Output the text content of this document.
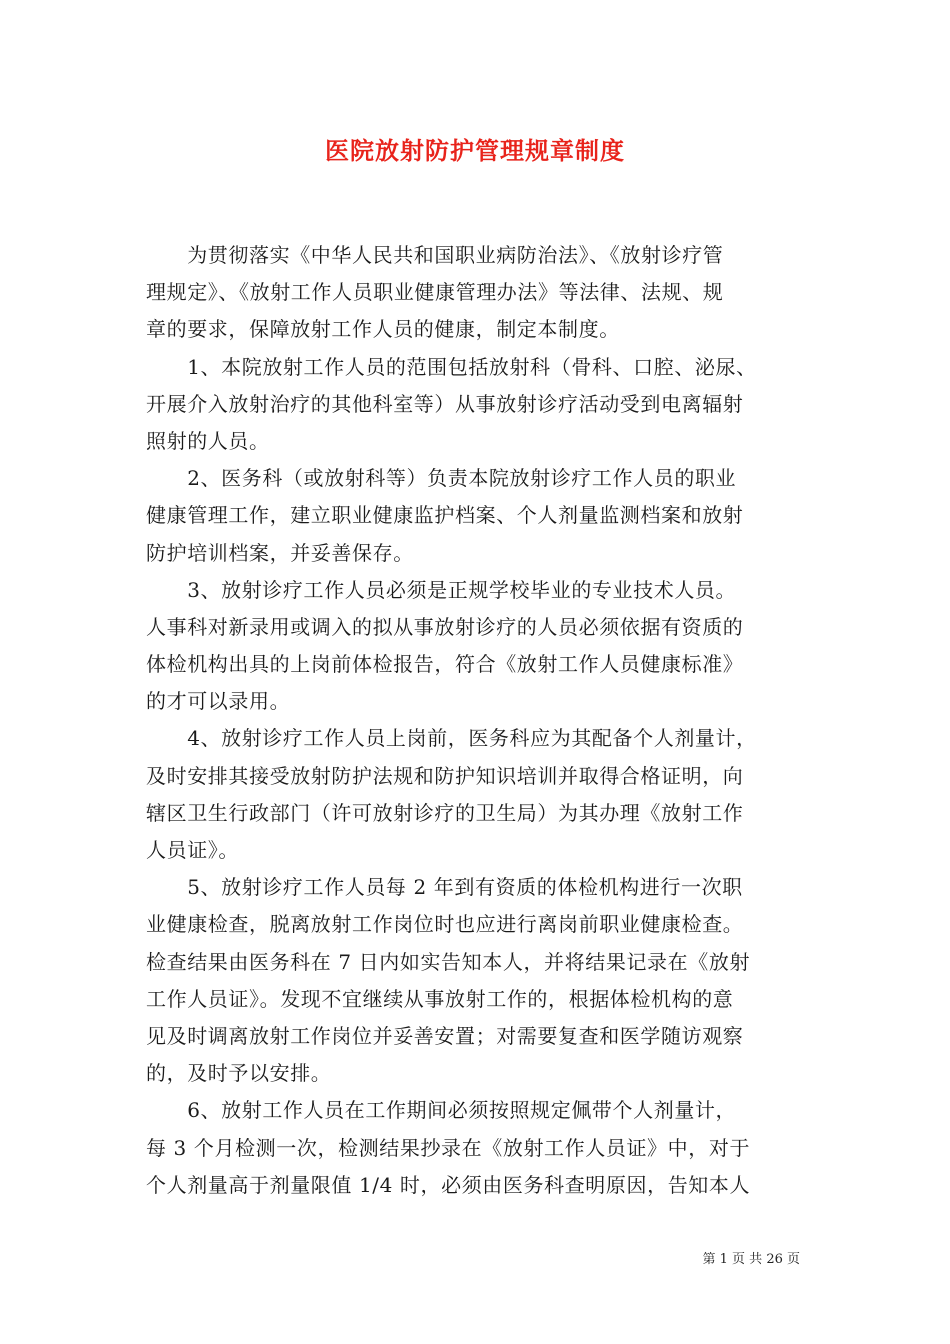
医院放射防护管理规章制度
　　为贯彻落实《中华人民共和国职业病防治法》、《放射诊疗管
理规定》、《放射工作人员职业健康管理办法》等法律、法规、规
章的要求，保障放射工作人员的健康，制定本制度。
　　1、本院放射工作人员的范围包括放射科（骨科、口腔、泌尿、
开展介入放射治疗的其他科室等）从事放射诊疗活动受到电离辐射
照射的人员。
　　2、医务科（或放射科等）负责本院放射诊疗工作人员的职业
健康管理工作，建立职业健康监护档案、个人剂量监测档案和放射
防护培训档案，并妥善保存。
　　3、放射诊疗工作人员必须是正规学校毕业的专业技术人员。
人事科对新录用或调入的拟从事放射诊疗的人员必须依据有资质的
体检机构出具的上岗前体检报告，符合《放射工作人员健康标准》
的才可以录用。
　　4、放射诊疗工作人员上岗前，医务科应为其配备个人剂量计，
及时安排其接受放射防护法规和防护知识培训并取得合格证明，向
辖区卫生行政部门（许可放射诊疗的卫生局）为其办理《放射工作
人员证》。
　　5、放射诊疗工作人员每 2 年到有资质的体检机构进行一次职
业健康检查，脱离放射工作岗位时也应进行离岗前职业健康检查。
检查结果由医务科在 7 日内如实告知本人，并将结果记录在《放射
工作人员证》。发现不宜继续从事放射工作的，根据体检机构的意
见及时调离放射工作岗位并妥善安置；对需要复查和医学随访观察
的，及时予以安排。
　　6、放射工作人员在工作期间必须按照规定佩带个人剂量计，
每 3 个月检测一次，检测结果抄录在《放射工作人员证》中，对于
个人剂量高于剂量限值 1/4 时，必须由医务科查明原因，告知本人
第 1 页 共 26 页
